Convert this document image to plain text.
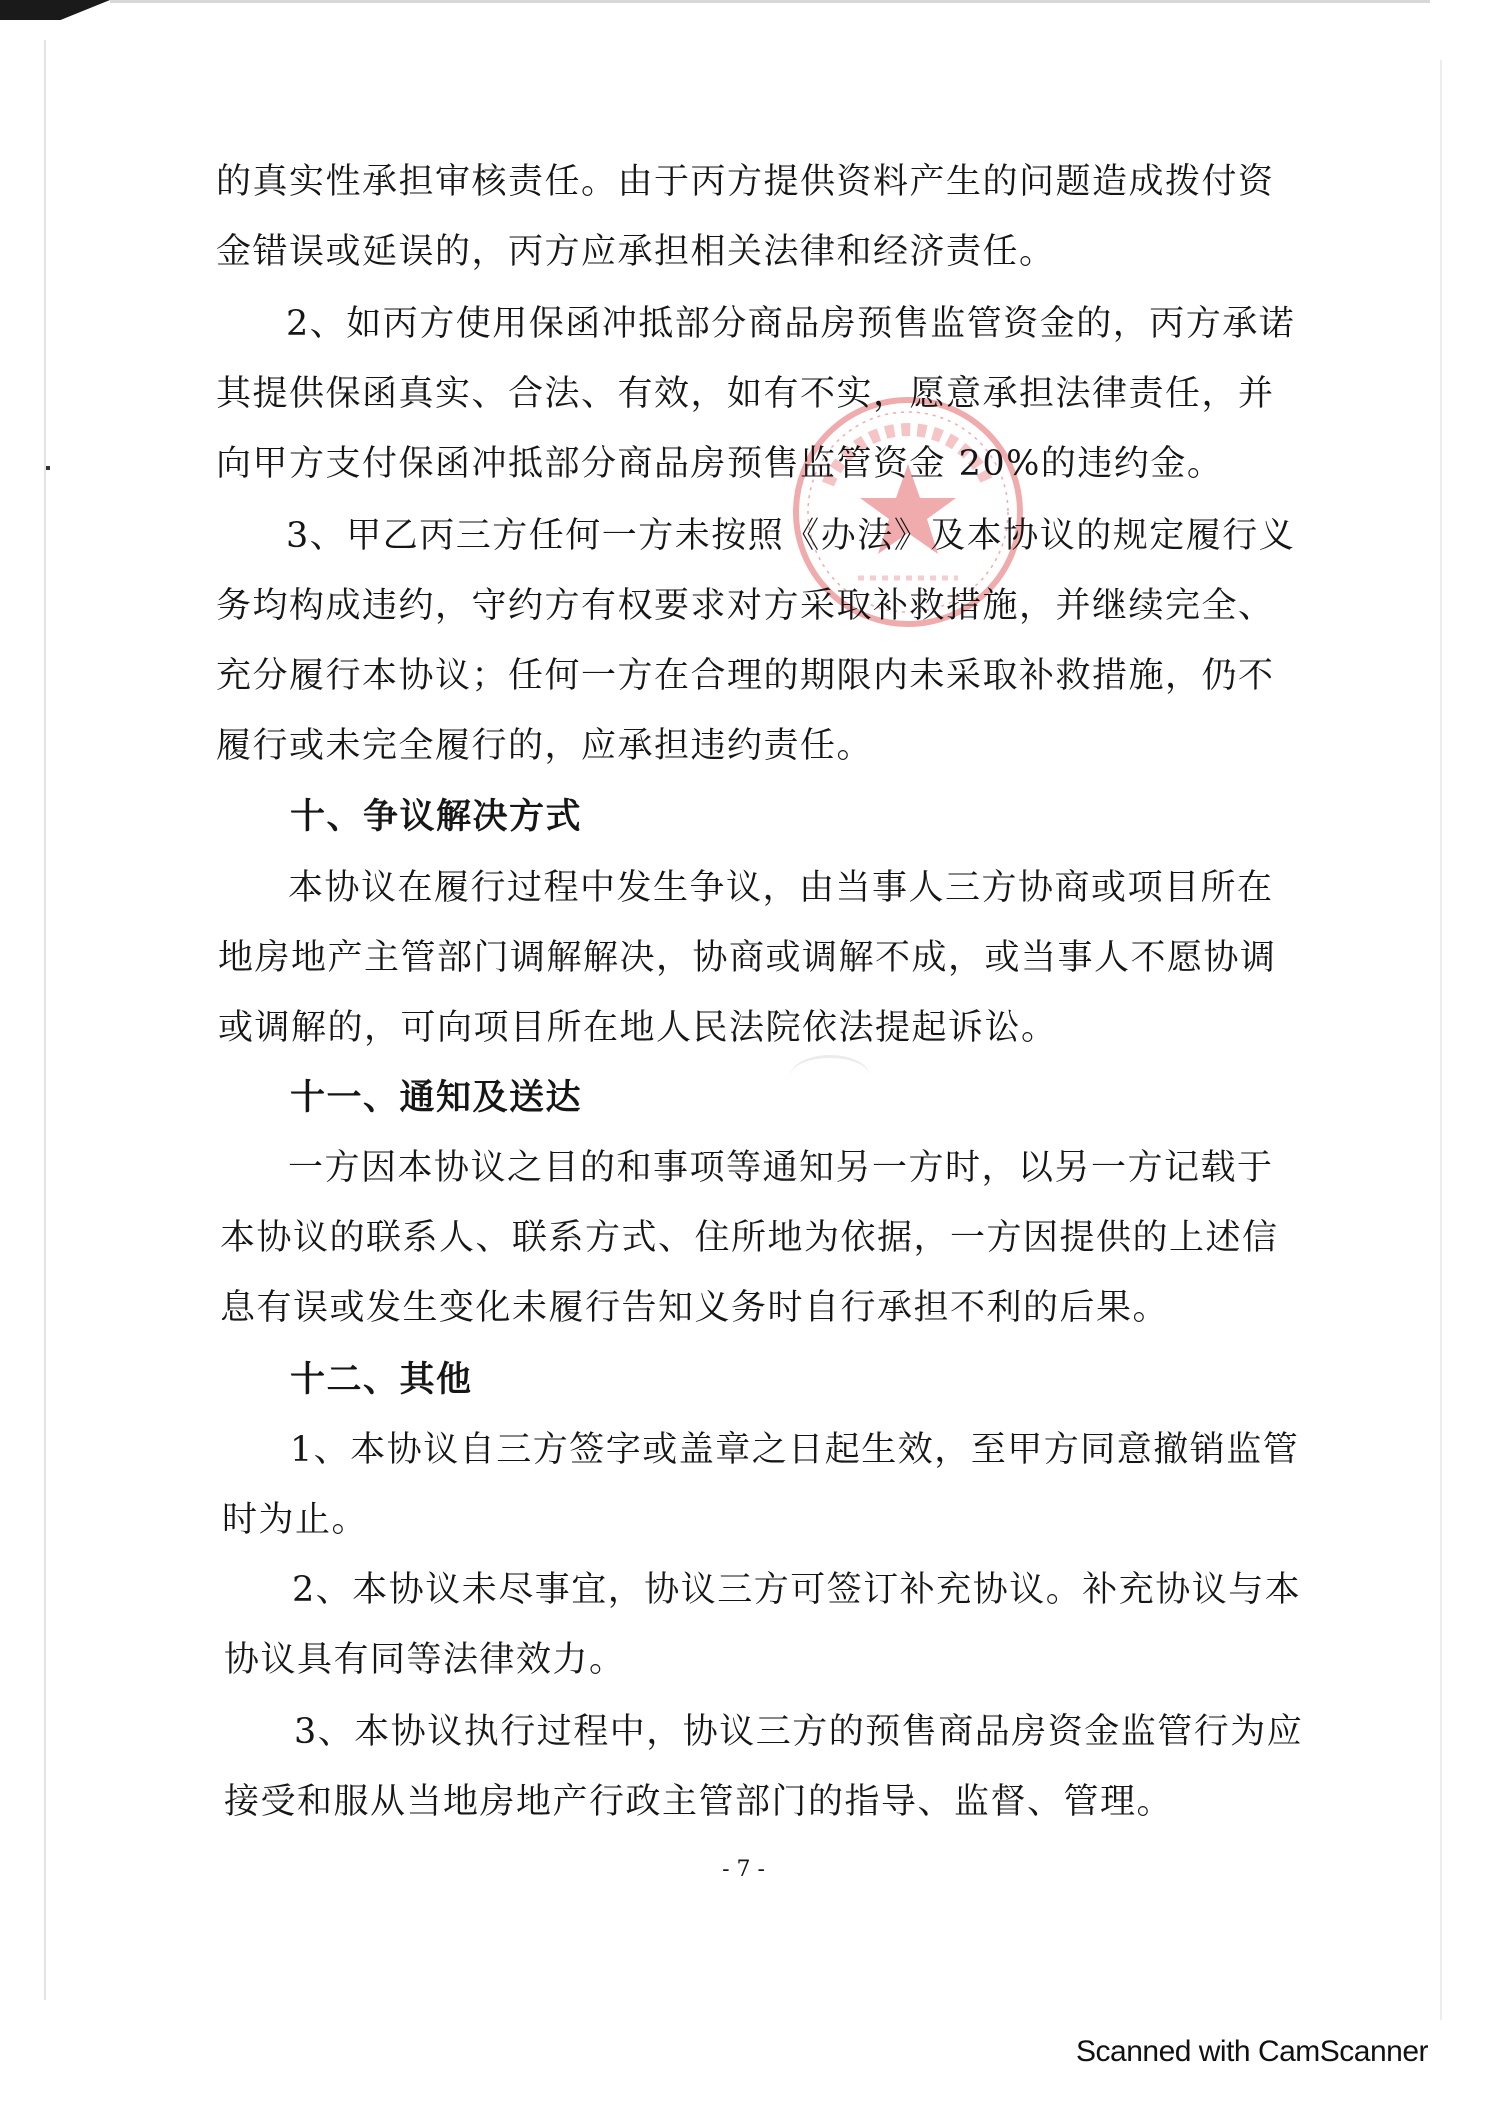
的真实性承担审核责任。由于丙方提供资料产生的问题造成拨付资
金错误或延误的，丙方应承担相关法律和经济责任。
2、如丙方使用保函冲抵部分商品房预售监管资金的，丙方承诺
其提供保函真实、合法、有效，如有不实，愿意承担法律责任，并
向甲方支付保函冲抵部分商品房预售监管资金 20%的违约金。
3、甲乙丙三方任何一方未按照《办法》及本协议的规定履行义
务均构成违约，守约方有权要求对方采取补救措施，并继续完全、
充分履行本协议；任何一方在合理的期限内未采取补救措施，仍不
履行或未完全履行的，应承担违约责任。
十、争议解决方式
本协议在履行过程中发生争议，由当事人三方协商或项目所在
地房地产主管部门调解解决，协商或调解不成，或当事人不愿协调
或调解的，可向项目所在地人民法院依法提起诉讼。
十一、通知及送达
一方因本协议之目的和事项等通知另一方时，以另一方记载于
本协议的联系人、联系方式、住所地为依据，一方因提供的上述信
息有误或发生变化未履行告知义务时自行承担不利的后果。
十二、其他
1、本协议自三方签字或盖章之日起生效，至甲方同意撤销监管
时为止。
2、本协议未尽事宜，协议三方可签订补充协议。补充协议与本
协议具有同等法律效力。
3、本协议执行过程中，协议三方的预售商品房资金监管行为应
接受和服从当地房地产行政主管部门的指导、监督、管理。
- 7 -
Scanned with CamScanner
